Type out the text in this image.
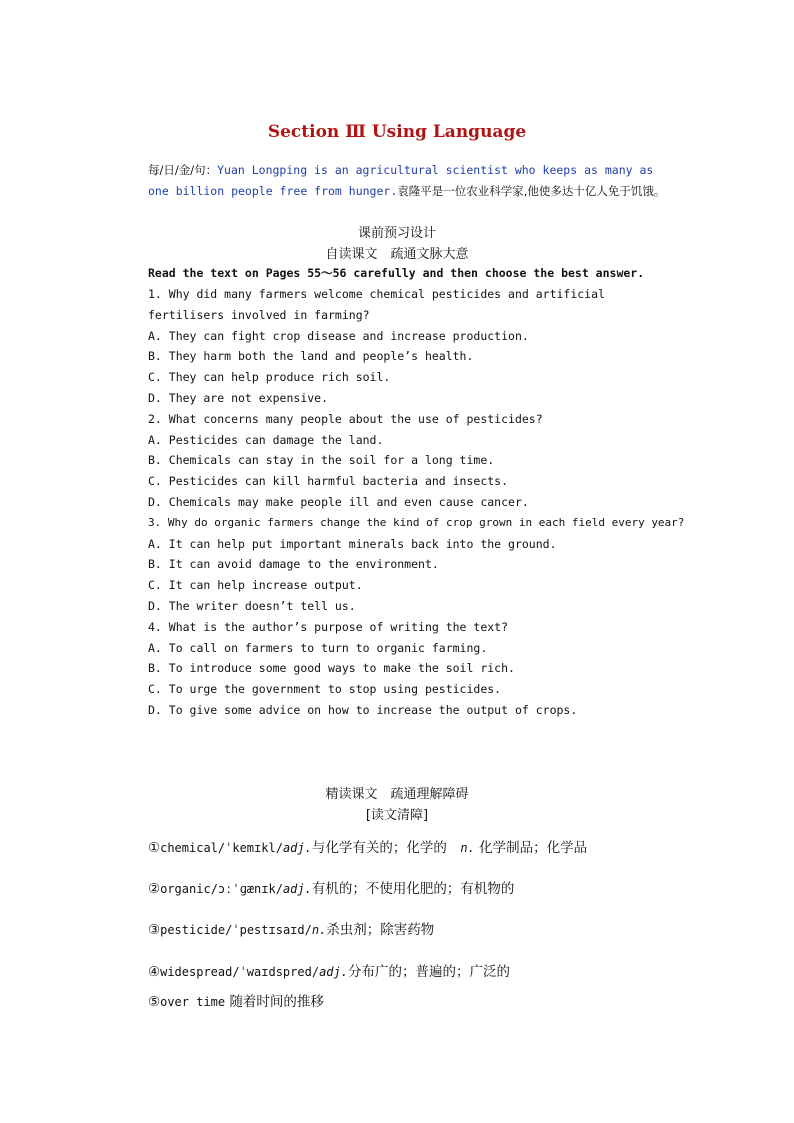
Section Ⅲ Using Language
每/日/金/句：Yuan Longping is an agricultural scientist who keeps as many as one billion people free from hunger.袁隆平是一位农业科学家,他使多达十亿人免于饥饿。
课前预习设计
自读课文　疏通文脉大意
Read the text on Pages 55～56 carefully and then choose the best answer.
1. Why did many farmers welcome chemical pesticides and artificial fertilisers involved in farming?
A. They can fight crop disease and increase production.
B. They harm both the land and people’s health.
C. They can help produce rich soil.
D. They are not expensive.
2. What concerns many people about the use of pesticides?
A. Pesticides can damage the land.
B. Chemicals can stay in the soil for a long time.
C. Pesticides can kill harmful bacteria and insects.
D. Chemicals may make people ill and even cause cancer.
3. Why do organic farmers change the kind of crop grown in each field every year?
A. It can help put important minerals back into the ground.
B. It can avoid damage to the environment.
C. It can help increase output.
D. The writer doesn’t tell us.
4. What is the author’s purpose of writing the text?
A. To call on farmers to turn to organic farming.
B. To introduce some good ways to make the soil rich.
C. To urge the government to stop using pesticides.
D. To give some advice on how to increase the output of crops.
精读课文　疏通理解障碍
[读文清障]
①chemical/ˈkemɪkl/adj.与化学有关的；化学的　n. 化学制品；化学品
②organic/ɔːˈɡænɪk/adj.有机的；不使用化肥的；有机物的
③pesticide/ˈpestɪsaɪd/n.杀虫剂；除害药物
④widespread/ˈwaɪdspred/adj.分布广的；普遍的；广泛的
⑤over time 随着时间的推移
